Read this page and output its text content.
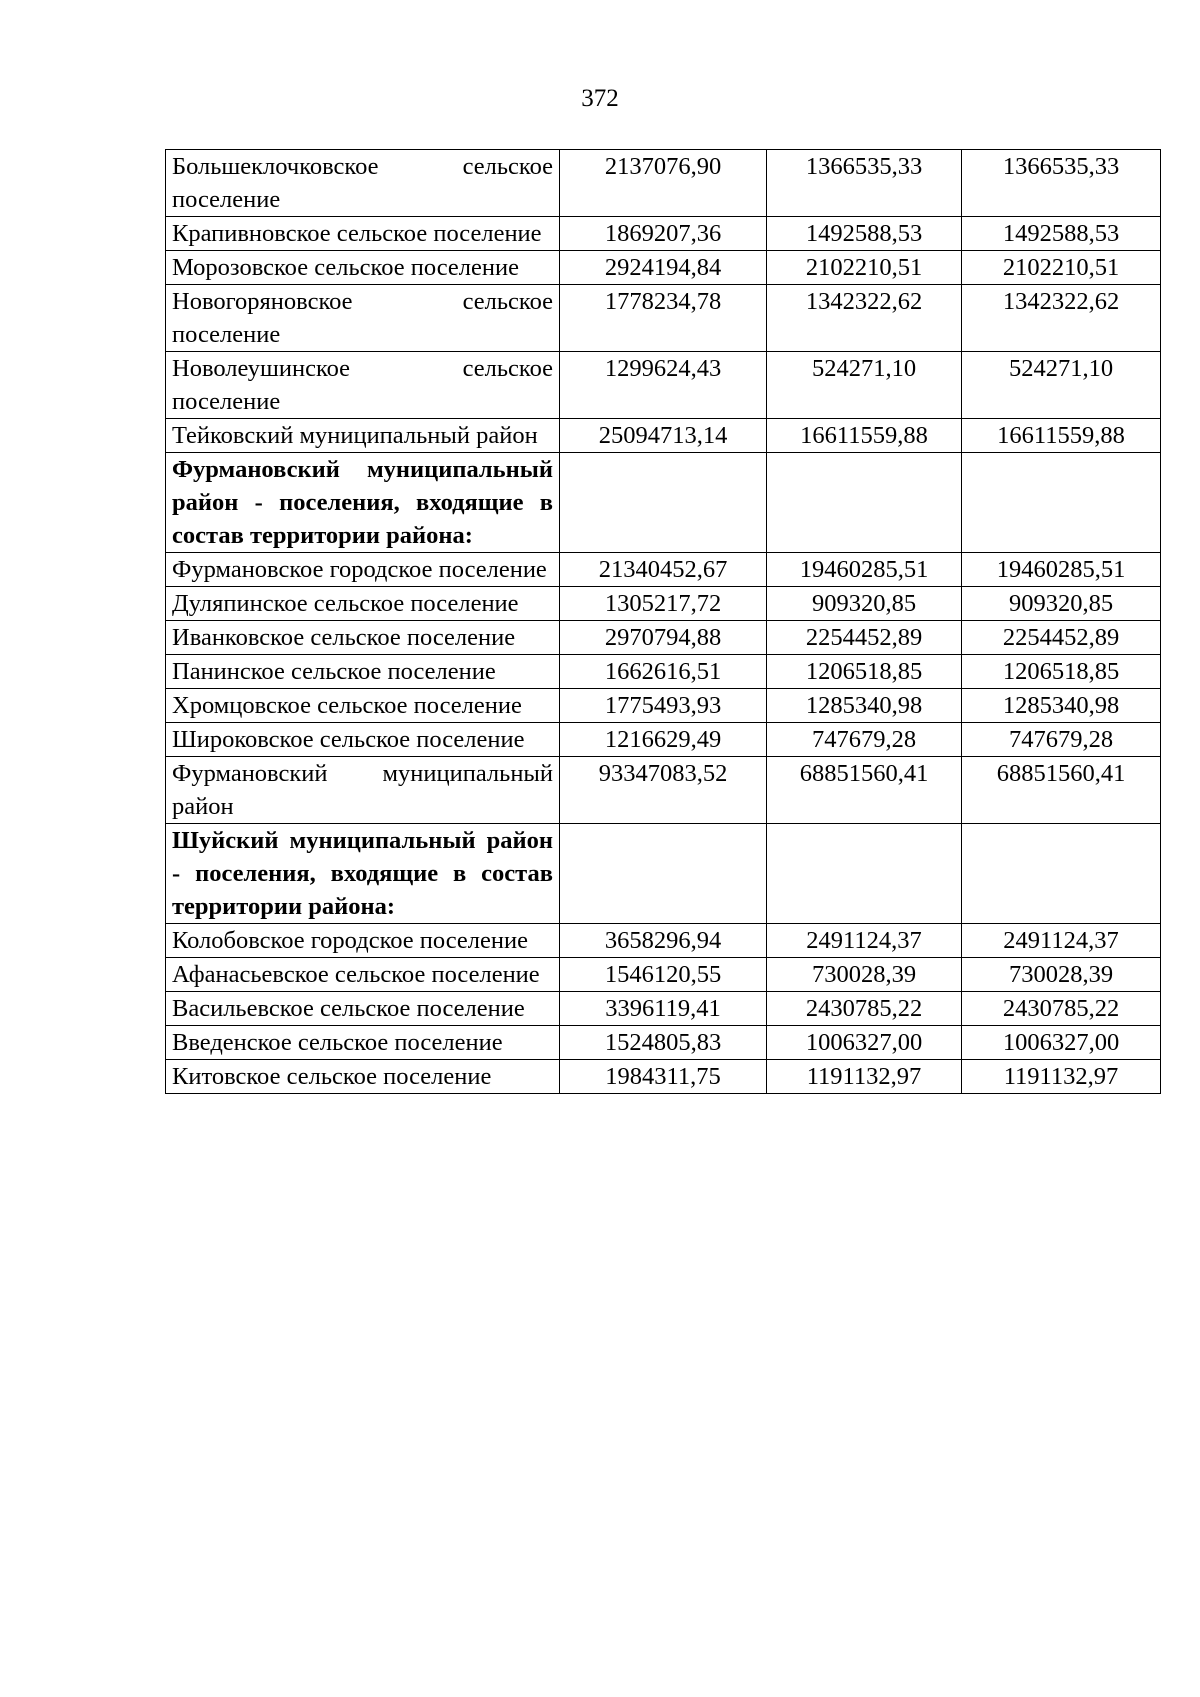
372
Большеклочковское сельское поселение	2137076,90	1366535,33	1366535,33
Крапивновское сельское поселение	1869207,36	1492588,53	1492588,53
Морозовское сельское поселение	2924194,84	2102210,51	2102210,51
Новогоряновское сельское поселение	1778234,78	1342322,62	1342322,62
Новолеушинское сельское поселение	1299624,43	524271,10	524271,10
Тейковский муниципальный район	25094713,14	16611559,88	16611559,88
Фурмановский муниципальный район - поселения, входящие в состав территории района:			
Фурмановское городское поселение	21340452,67	19460285,51	19460285,51
Дуляпинское сельское поселение	1305217,72	909320,85	909320,85
Иванковское сельское поселение	2970794,88	2254452,89	2254452,89
Панинское сельское поселение	1662616,51	1206518,85	1206518,85
Хромцовское сельское поселение	1775493,93	1285340,98	1285340,98
Широковское сельское поселение	1216629,49	747679,28	747679,28
Фурмановский муниципальный район	93347083,52	68851560,41	68851560,41
Шуйский муниципальный район - поселения, входящие в состав территории района:			
Колобовское городское поселение	3658296,94	2491124,37	2491124,37
Афанасьевское сельское поселение	1546120,55	730028,39	730028,39
Васильевское сельское поселение	3396119,41	2430785,22	2430785,22
Введенское сельское поселение	1524805,83	1006327,00	1006327,00
Китовское сельское поселение	1984311,75	1191132,97	1191132,97
